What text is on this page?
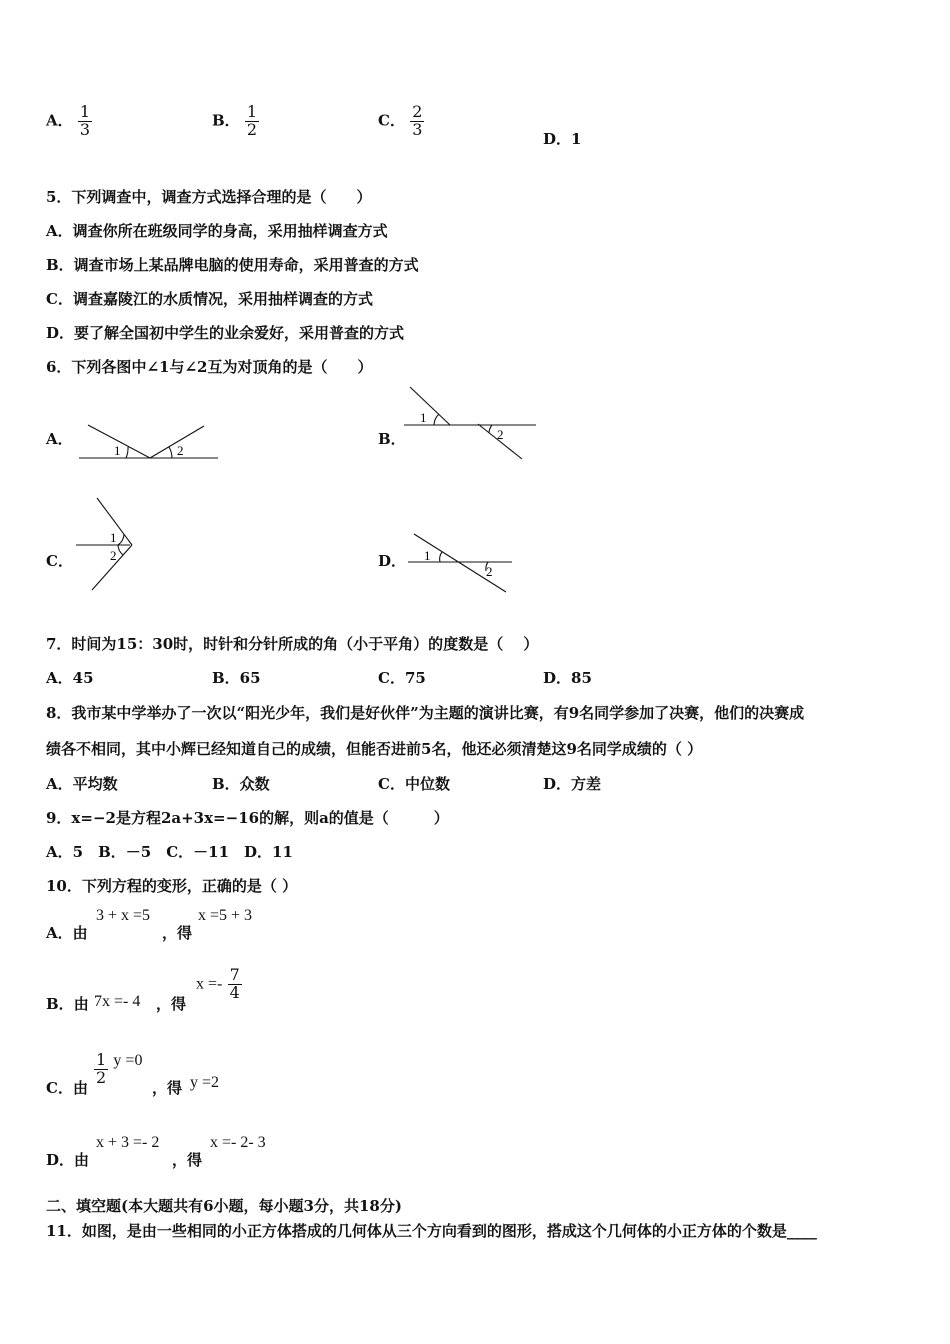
A． $\frac{1}{3}$	B． $\frac{1}{2}$	C． $\frac{2}{3}$
D．1
5．下列调查中，调查方式选择合理的是（　　）
A．调查你所在班级同学的身高，采用抽样调查方式
B．调查市场上某品牌电脑的使用寿命，采用普查的方式
C．调查嘉陵江的水质情况，采用抽样调查的方式
D．要了解全国初中学生的业余爱好，采用普查的方式
6．下列各图中∠1与∠2互为对顶角的是（　　）
A．
1	2
B．
1
2
C．
1
2	D． 1
2
7．时间为15：30时，时针和分针所成的角（小于平角）的度数是（　 ）
A．45	B．65	C．75	D．85
8．我市某中学举办了一次以“阳光少年，我们是好伙伴”为主题的演讲比赛，有9名同学参加了决赛，他们的决赛成
绩各不相同，其中小辉已经知道自己的成绩，但能否进前5名，他还必须清楚这9名同学成绩的（ ）
A．平均数	B．众数	C．中位数	D．方差
9．x=−2是方程2a+3x=−16的解，则a的值是（　　　）
A．5　B．－5　C．－11　D．11
10．下列方程的变形，正确的是（ ）
A．由
3 + x =5
，得
x =5 + 3
B．由 7x =- 4 ，得
$x =- \frac{7}{4}$
C．由
$\frac{1}{2}$ y =0
，得 y =2
D．由
x + 3 =- 2
，得
x =- 2- 3
二、填空题(本大题共有6小题，每小题3分，共18分)
11．如图，是由一些相同的小正方体搭成的几何体从三个方向看到的图形，搭成这个几何体的小正方体的个数是____
